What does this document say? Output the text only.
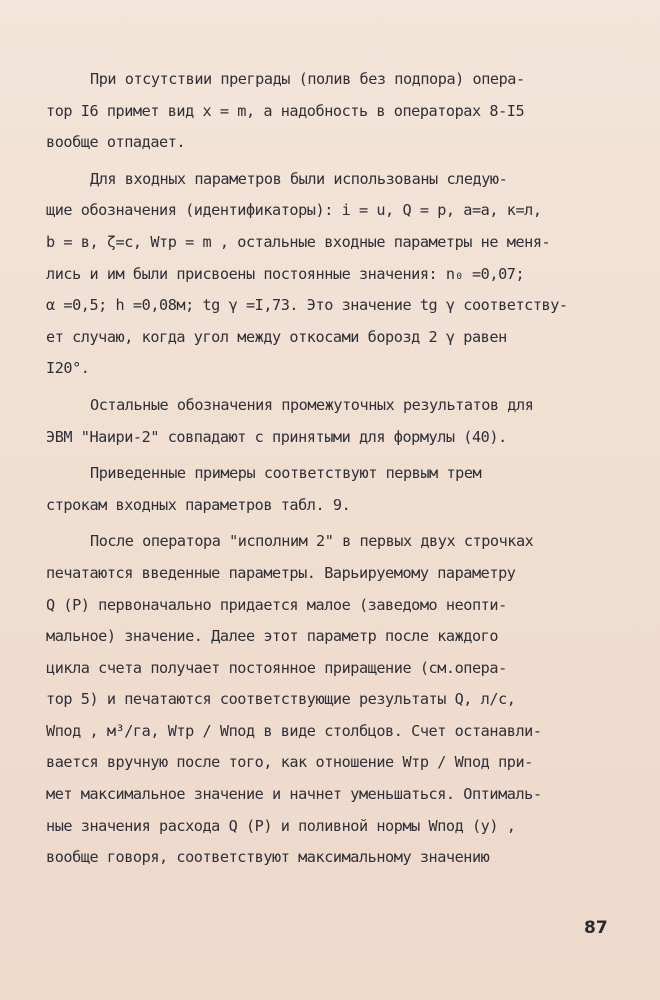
При отсутствии преграды (полив без подпора) опера-
тор I6 примет вид x = m, а надобность в операторах 8-I5
вообще отпадает.
Для входных параметров были использованы следую-
щие обозначения (идентификаторы): i = u, Q = p, a=a, к=л,
b = в, ζ=c, Wтр = m , остальные входные параметры не меня-
лись и им были присвоены постоянные значения: n₀ =0,07;
α =0,5; h =0,08м; tg γ =I,73. Это значение tg γ соответству-
ет случаю, когда угол между откосами борозд 2 γ равен
I20°.
Остальные обозначения промежуточных результатов для
ЭВМ "Наири-2" совпадают с принятыми для формулы (40).
Приведенные примеры соответствуют первым трем
строкам входных параметров табл. 9.
После оператора "исполним 2" в первых двух строчках
печатаются введенные параметры. Варьируемому параметру
Q (P) первоначально придается малое (заведомо неопти-
мальное) значение. Далее этот параметр после каждого
цикла счета получает постоянное приращение (см.опера-
тор 5) и печатаются соответствующие результаты Q, л/с,
Wпод , м³/га, Wтр / Wпод в виде столбцов. Счет останавли-
вается вручную после того, как отношение Wтр / Wпод при-
мет максимальное значение и начнет уменьшаться. Оптималь-
ные значения расхода Q (P) и поливной нормы Wпод (y) ,
вообще говоря, соответствуют максимальному значению
87
